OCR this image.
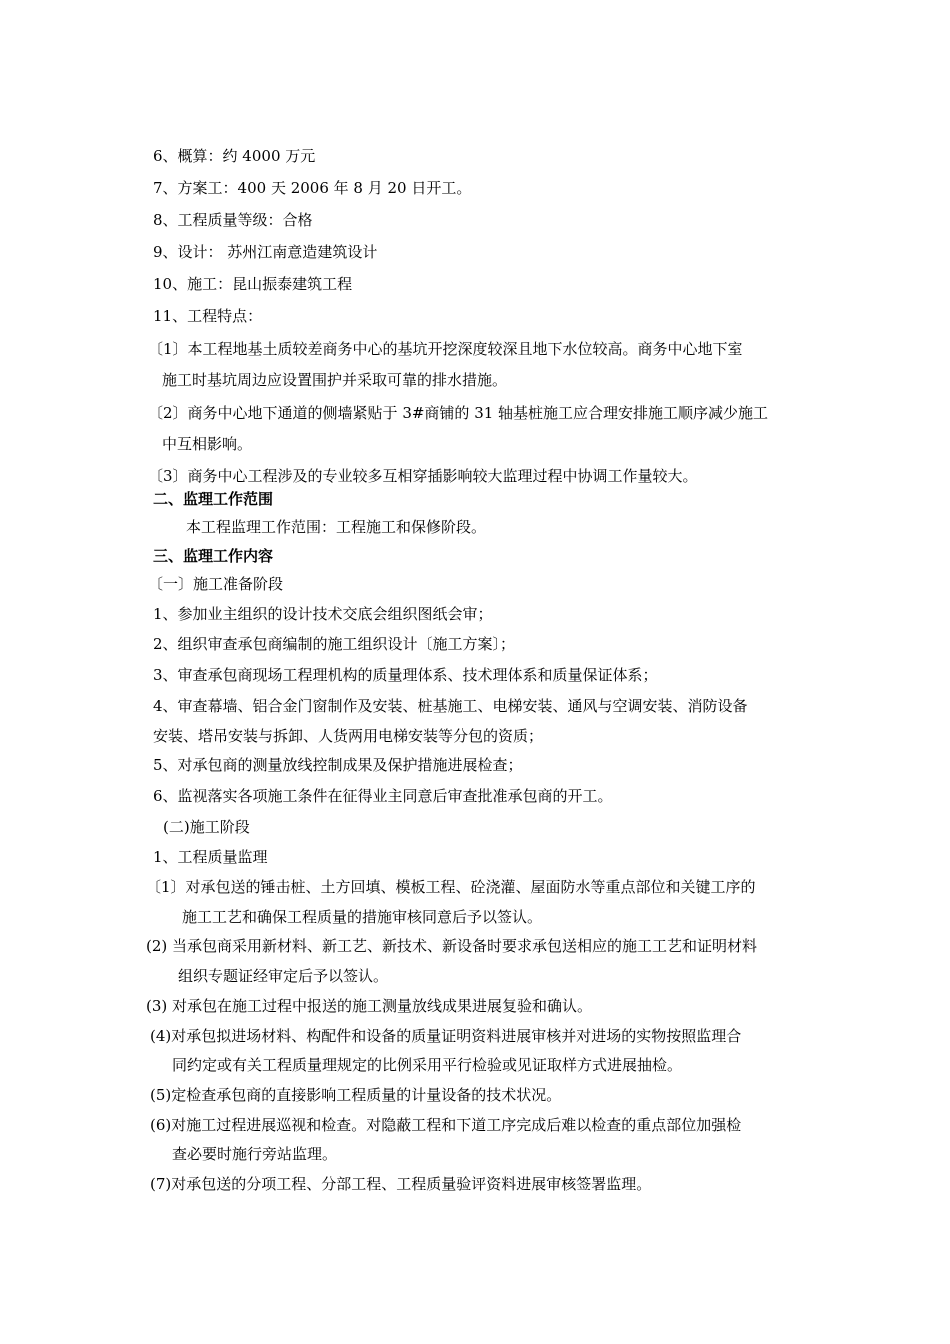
6、概算：约 4000 万元
7、方案工：400 天 2006 年 8 月 20 日开工。
8、工程质量等级：合格
9、设计： 苏州江南意造建筑设计
10、施工：昆山振泰建筑工程
11、工程特点：
〔1〕本工程地基土质较差商务中心的基坑开挖深度较深且地下水位较高。商务中心地下室
施工时基坑周边应设置围护并采取可靠的排水措施。
〔2〕商务中心地下通道的侧墙紧贴于 3#商铺的 31 轴基桩施工应合理安排施工顺序减少施工
中互相影响。
〔3〕商务中心工程涉及的专业较多互相穿插影响较大监理过程中协调工作量较大。
二、监理工作范围
本工程监理工作范围：工程施工和保修阶段。
三、监理工作内容
〔一〕施工准备阶段
1、参加业主组织的设计技术交底会组织图纸会审；
2、组织审查承包商编制的施工组织设计〔施工方案〕；
3、审查承包商现场工程理机构的质量理体系、技术理体系和质量保证体系；
4、审查幕墙、铝合金门窗制作及安装、桩基施工、电梯安装、通风与空调安装、消防设备
安装、塔吊安装与拆卸、人货两用电梯安装等分包的资质；
5、对承包商的测量放线控制成果及保护措施进展检查；
6、监视落实各项施工条件在征得业主同意后审查批准承包商的开工。
(二)施工阶段
1、工程质量监理
〔1〕对承包送的锤击桩、土方回填、模板工程、砼浇灌、屋面防水等重点部位和关键工序的
施工工艺和确保工程质量的措施审核同意后予以签认。
(2) 当承包商采用新材料、新工艺、新技术、新设备时要求承包送相应的施工工艺和证明材料
组织专题证经审定后予以签认。
(3) 对承包在施工过程中报送的施工测量放线成果进展复验和确认。
(4)对承包拟进场材料、构配件和设备的质量证明资料进展审核并对进场的实物按照监理合
同约定或有关工程质量理规定的比例采用平行检验或见证取样方式进展抽检。
(5)定检查承包商的直接影响工程质量的计量设备的技术状况。
(6)对施工过程进展巡视和检查。对隐蔽工程和下道工序完成后难以检查的重点部位加强检
查必要时施行旁站监理。
(7)对承包送的分项工程、分部工程、工程质量验评资料进展审核签署监理。
